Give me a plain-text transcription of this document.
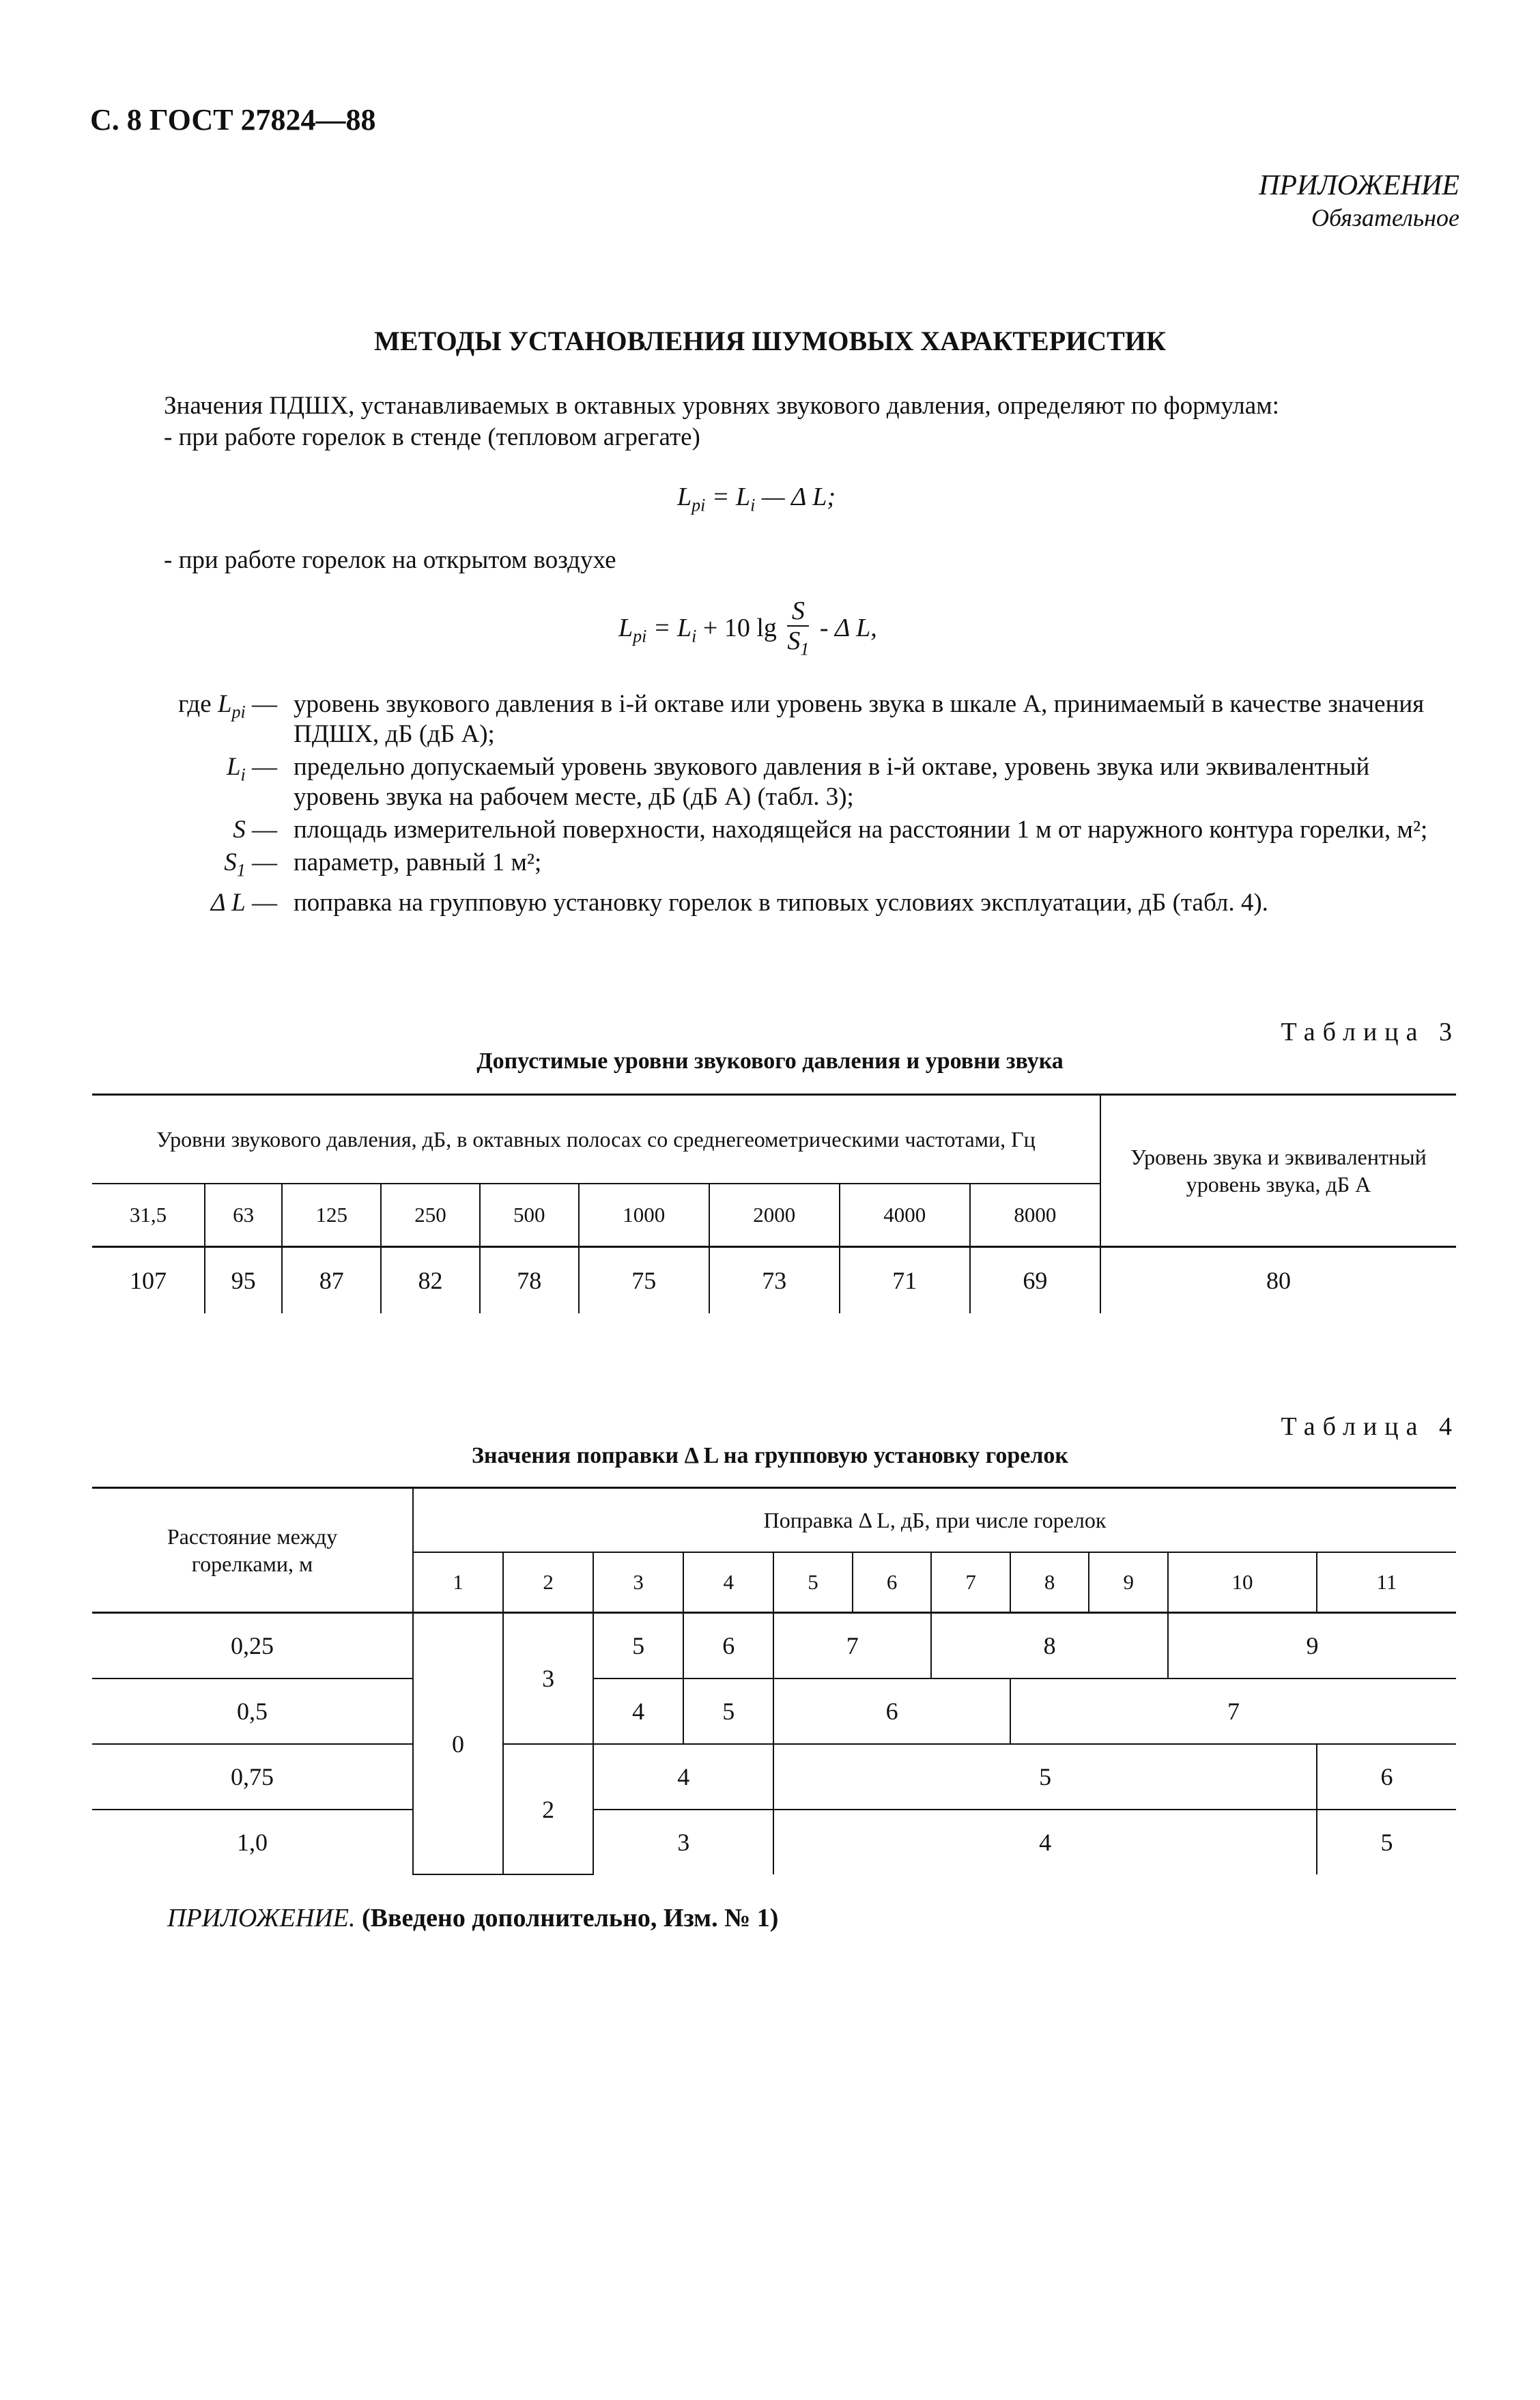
С. 8 ГОСТ 27824—88
ПРИЛОЖЕНИЕ
Обязательное
МЕТОДЫ УСТАНОВЛЕНИЯ ШУМОВЫХ ХАРАКТЕРИСТИК
Значения ПДШХ, устанавливаемых в октавных уровнях звукового давления, определяют по формулам:
- при работе горелок в стенде (тепловом агрегате)
$L_{pi} = L_i$ — Δ L;
- при работе горелок на открытом воздухе
$L_{pi} = L_i + 10$ $\lg \frac{S}{S_1}$ - Δ L,
где $L_{pi}$ — уровень звукового давления в i-й октаве или уровень звука в шкале А, принимаемый в качестве значения ПДШХ, дБ (дБ А);
$L_i$ — предельно допускаемый уровень звукового давления в i-й октаве, уровень звука или эквивалентный уровень звука на рабочем месте, дБ (дБ А) (табл. 3);
S — площадь измерительной поверхности, находящейся на расстоянии 1 м от наружного контура горелки, м²;
$S_1$ — параметр, равный 1 м²;
Δ L — поправка на групповую установку горелок в типовых условиях эксплуатации, дБ (табл. 4).
Таблица 3
Допустимые уровни звукового давления и уровни звука
Уровни звукового давления, дБ, в октавных полосах со среднегеометрическими частотами, Гц									Уровень звука и эквивалентный уровень звука, дБ А
31,5	63	125	250	500	1000	2000	4000	8000	
107	95	87	82	78	75	73	71	69	80
Таблица 4
Значения поправки Δ L на групповую установку горелок
Расстояние между горелками, м	Поправка Δ L, дБ, при числе горелок										
	1	2	3	4	5	6	7	8	9	10	11
0,25	0	3	5	6	7		8			9	
0,5			4	5	6			7			
0,75		2	4		5						6
1,0			3		4						5
ПРИЛОЖЕНИЕ. (Введено дополнительно, Изм. № 1)
